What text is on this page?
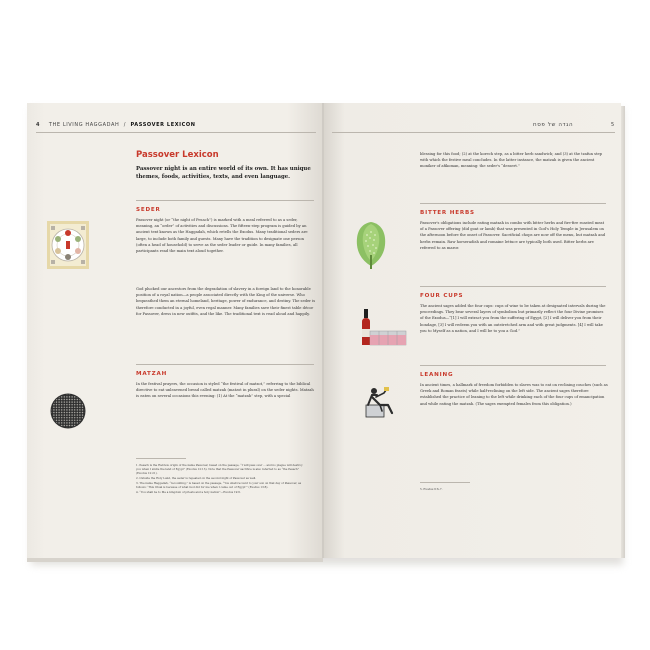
4 THE LIVING HAGGADAH / PASSOVER LEXICON
Passover Lexicon
Passover night is an entire world of its own. It has unique themes, foods, activities, texts, and even language.
SEDER
Passover night (or “the night of Pesach”) is marked with a meal referred to as a seder, meaning, an “order” of activities and discussions. The fifteen-step program is guided by an ancient text known as the Haggadah, which retells the Exodus. Many traditional seders are large, to include both family and guests. Many have the tradition to designate one person (often a head of household) to serve as the seder leader or guide. In many families, all participants read the main text aloud together.
God plucked our ancestors from the degradation of slavery in a foreign land to the honorable position of a royal nation—a people associated directly with the King of the universe. Who bequeathed them an eternal homeland, heritage, power of endurance, and destiny. The seder is therefore conducted in a joyful, even regal manner. Many families save their finest table décor for Passover, dress in new outfits, and the like. The traditional text is read aloud and happily.
MATZAH
In the festival prayers, the occasion is styled “the festival of matzot,” referring to the biblical directive to eat unleavened bread called matzah (matzot in plural) on the seder nights. Matzah is eaten on several occasions this evening: (1) At the “matzah” step, with a special
1. Pesach is the Hebrew origin of the name Passover, based on the passage, “I will pass over ... and no plague will destroy you when I smite the land of Egypt” (Exodus 12:13). Note that the Passover sacrifice is also referred to as “the Pesach” (Exodus 12:21).
2. Outside the Holy Land, the seder is repeated on the second night of Passover as well.
3. The name Haggadah, “recounting,” is based on the passage, “You shall recount to your son on that day of Passover, as follows: ‘This ritual is because of what God did for me when I came out of Egypt’” (Exodus 13:8).
4. “You shall be to Me a kingdom of priests and a holy nation”—Exodus 19:6.
הגדה של פסח	5
blessing for this food; (2) at the korech step, as a bitter herb sandwich; and (3) at the tzafun step with which the festive meal concludes. In the latter instance, the matzah is given the ancient moniker of afikoman, meaning: the seder's “dessert.”
BITTER HERBS
Passover's obligations include eating matzah in combo with bitter herbs and fire-fire roasted meat of a Passover offering (did goat or lamb) that was presented in God's Holy Temple in Jerusalem on the afternoon before the onset of Passover. Sacrificial chops are now off the menu, but matzah and herbs remain. Raw horseradish and romaine lettuce are typically both used. Bitter herbs are referred to as maror.
FOUR CUPS
The ancient sages added the four cups: cups of wine to be taken at designated intervals during the proceedings. They bear several layers of symbolism but primarily reflect the four Divine promises of the Exodus—“[1] I will extract you from the suffering of Egypt, [2] I will deliver you from their bondage, [3] I will redeem you with an outstretched arm and with great judgments. [4] I will take you to Myself as a nation, and I will be to you a God.”
LEANING
In ancient times, a hallmark of freedom forbidden to slaves was to eat on reclining couches (such as Greek and Roman feasts) while half-reclining on the left side. The ancient sages therefore established the practice of leaning to the left while drinking each of the four cups of emancipation and while eating the matzah. (The sages exempted females from this obligation.)
5. Exodus 6:6–7.
